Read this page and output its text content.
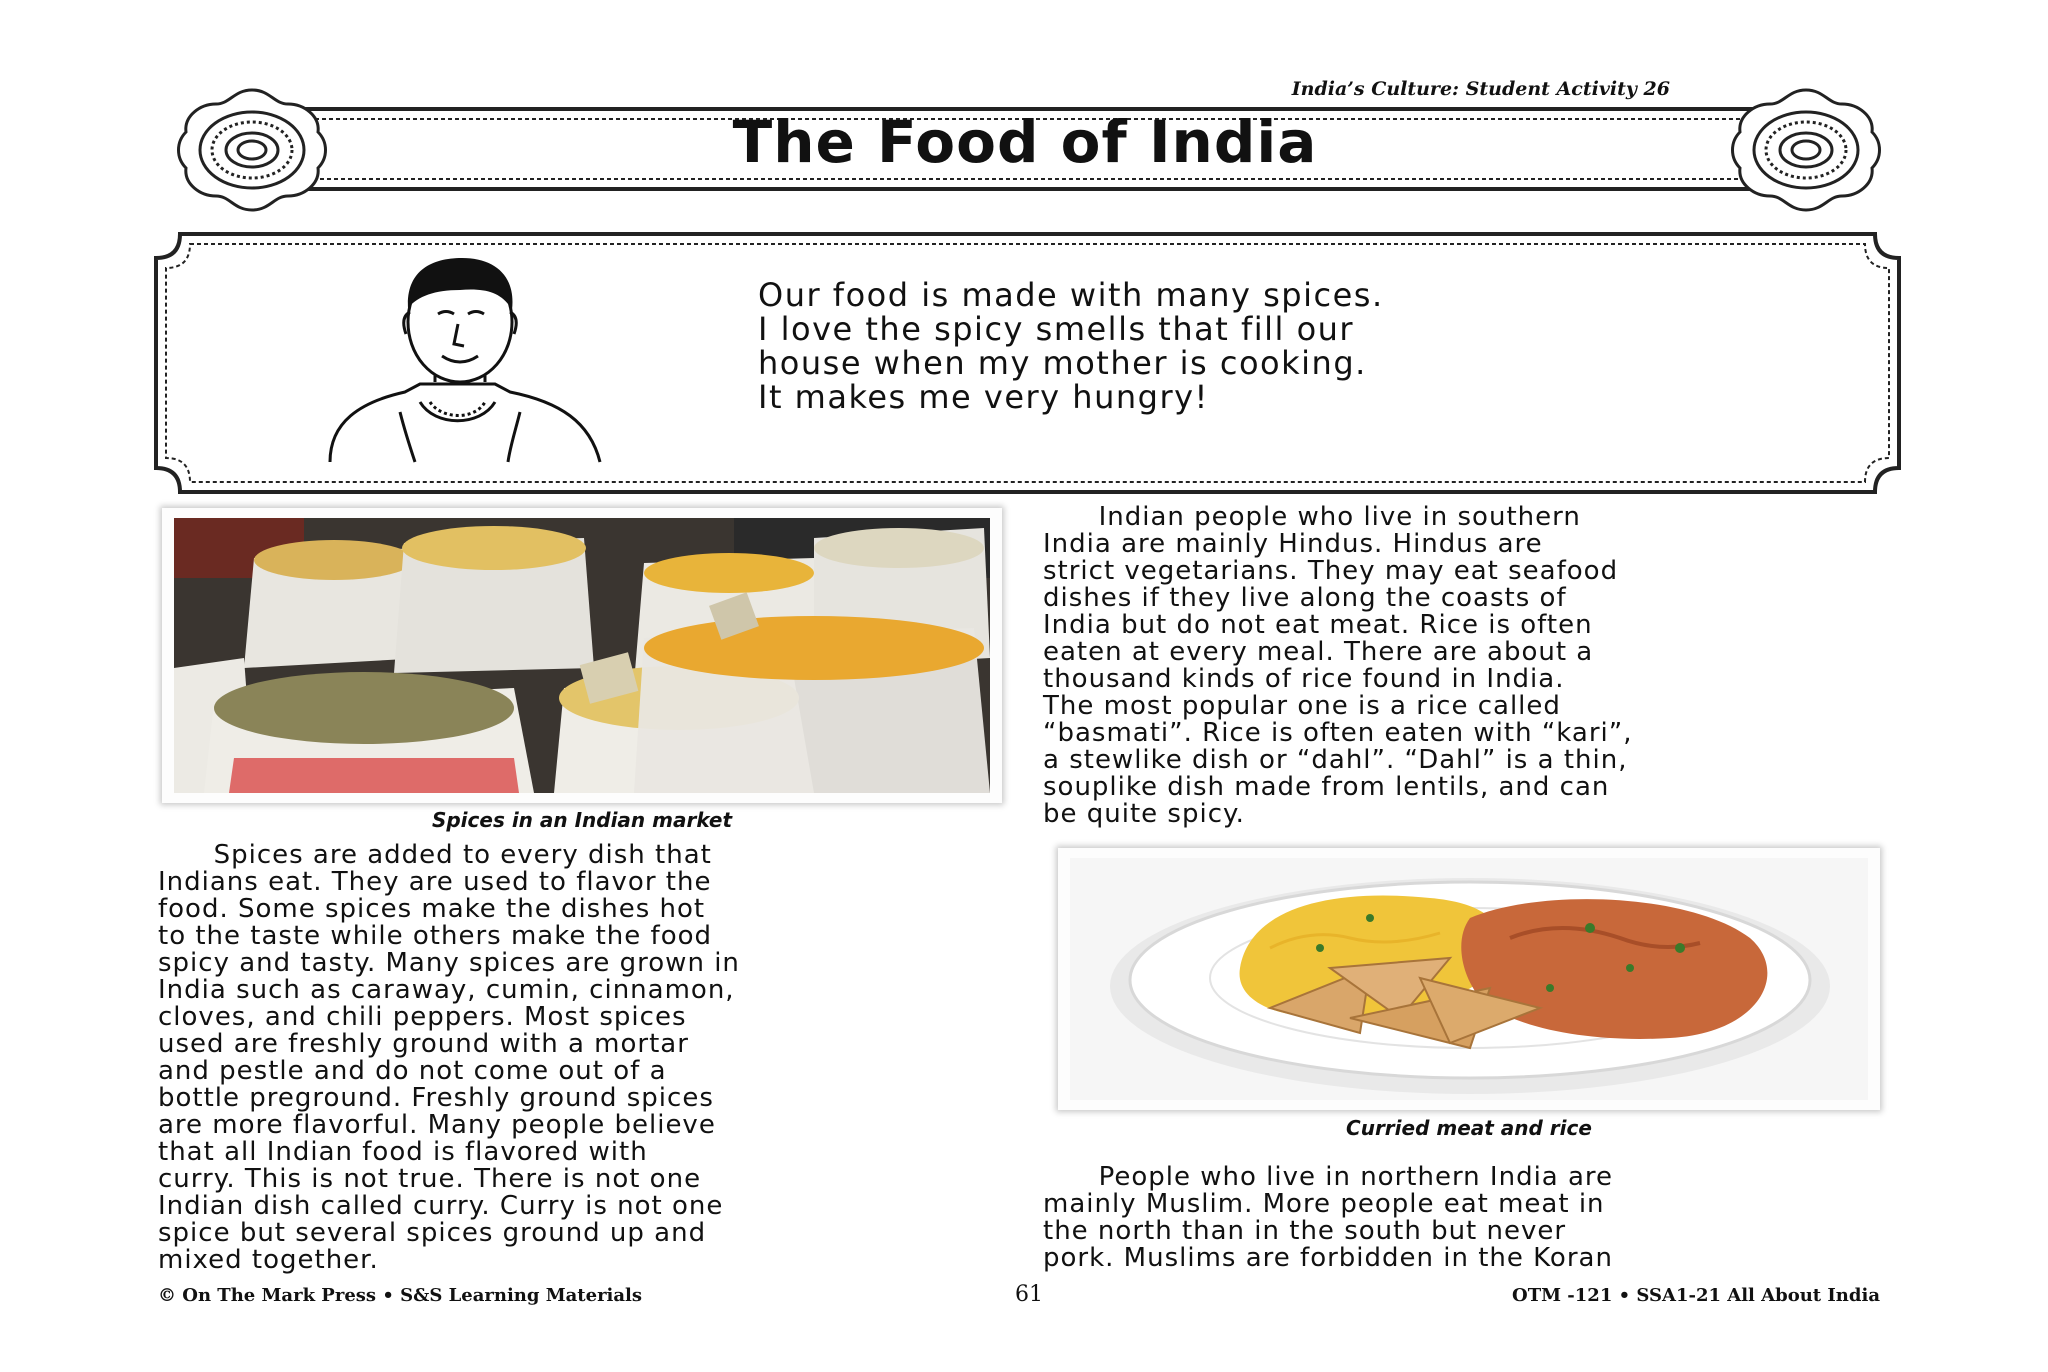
India’s Culture: Student Activity 26
The Food of India
Our food is made with many spices.
I love the spicy smells that fill our
house when my mother is cooking.
It makes me very hungry!
Spices in an Indian market
Spices are added to every dish that
Indians eat. They are used to flavor the
food. Some spices make the dishes hot
to the taste while others make the food
spicy and tasty. Many spices are grown in
India such as caraway, cumin, cinnamon,
cloves, and chili peppers. Most spices
used are freshly ground with a mortar
and pestle and do not come out of a
bottle preground. Freshly ground spices
are more flavorful. Many people believe
that all Indian food is flavored with
curry. This is not true. There is not one
Indian dish called curry. Curry is not one
spice but several spices ground up and
mixed together.
Indian people who live in southern
India are mainly Hindus. Hindus are
strict vegetarians. They may eat seafood
dishes if they live along the coasts of
India but do not eat meat. Rice is often
eaten at every meal. There are about a
thousand kinds of rice found in India.
The most popular one is a rice called
“basmati”. Rice is often eaten with “kari”,
a stewlike dish or “dahl”. “Dahl” is a thin,
souplike dish made from lentils, and can
be quite spicy.
Curried meat and rice
People who live in northern India are
mainly Muslim. More people eat meat in
the north than in the south but never
pork. Muslims are forbidden in the Koran
© On The Mark Press • S&S Learning Materials	61	OTM -121 • SSA1-21 All About India
